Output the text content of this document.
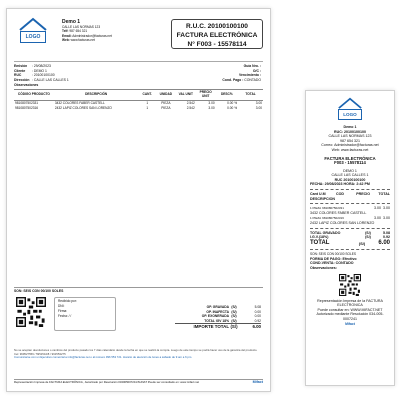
LOGO
Demo 1
CALLE LAS NORMAS 123
Telf: 987 654 321
Email: Administrador@facturas.net
Web: www.facturas.net
R.U.C. 20100100100
FACTURA ELECTRÓNICA
N° F003 - 15578114
Emisión : 29/08/2023
Cliente : DEMO 1
RUC	: 20100100100
Dirección : CALLE LAS CALLES 1
Guía Nro. :
O/C :
Vencimiento :
Cond. Pago : CONTADO
Observaciones
CÓDIGO PRODUCTO	DESCRIPCIÓN	CANT.	UNIDAD	VAL UNIT	PRECIO UNIT	DESC%	TOTAL
9810807502331	3432 COLORES FABER CASTELL	1	PIEZA	2.542	3.00	0.00 %	3.00
9810807502316	2432 LAPIZ COLORES SAN LORENZO	1	PIEZA	2.542	3.00	0.00 %	3.00

SON: SEIS CON 00/100 SOLES
Recibido por:
DNI:
Firma:
Fecha: / /
OP. GRAVADA (S/)	5.08
OP. INAFECTA (S/)	0.00
OP. EXONERADA (S/)	0.00
TOTAL IGV 18% (S/)	0.92
IMPORTE TOTAL (S/)	6.00
No se aceptan devoluciones o cambios del producto pasado los 7 días calendario desde la fecha en que se realizó la compra. Luego de este tiempo se podrá hacer uso de la garantía del producto. Cel: 969527556 / 5951544/8 / 961553275
Comunicarse con un Ejecutivo comercial a info@facturas.net o al número 996 553 721. Horario de atención de lunes a sábado de 9 am a 6 pm.
Representación Impresa de FACTURA ELECTRÓNICA , Autorizado por Resolución 034005007241/SUNAT Puede ser consultado en: www.mifact.net	Mifact
LOGO
Demo 1
RUC: 20100100100
CALLE LAS NORMAS 123
987 654 321
Correo: Administrador@facturas.net
Web: www.facturas.net
FACTURA ELECTRÓNICA
F003 - 15578114
DEMO 1
CALLE LAS CALLES 1
RUC 20100100100
FECHA: 29/08/2023 HORA: 2:42 PM
Cant U.M	COD	PRECIO	TOTAL
DESCRIPCION
1 PIEZA 9810807502331	3.00 3.00
3432 COLORES FABER CASTELL
1 PIEZA 9810807502316	3.00 3.00
2432 LAPIZ COLORES SAN LORENZO
TOTAL GRAVADO	(S/)	5.08
I.G.V.(18%)	(S/)	0.92
TOTAL	(S/)	6.00
SON: SEIS CON 00/100 SOLES
FORMA DE PAGO: Efectivo
COND.VENTA: CONTADO
Observaciones:
Representación Impresa de la FACTURA ELECTRONICA
Puede consultar en: WWW.MIFACT.NET
Autorizado mediante Resolución 034-005-0007241
Mifact
